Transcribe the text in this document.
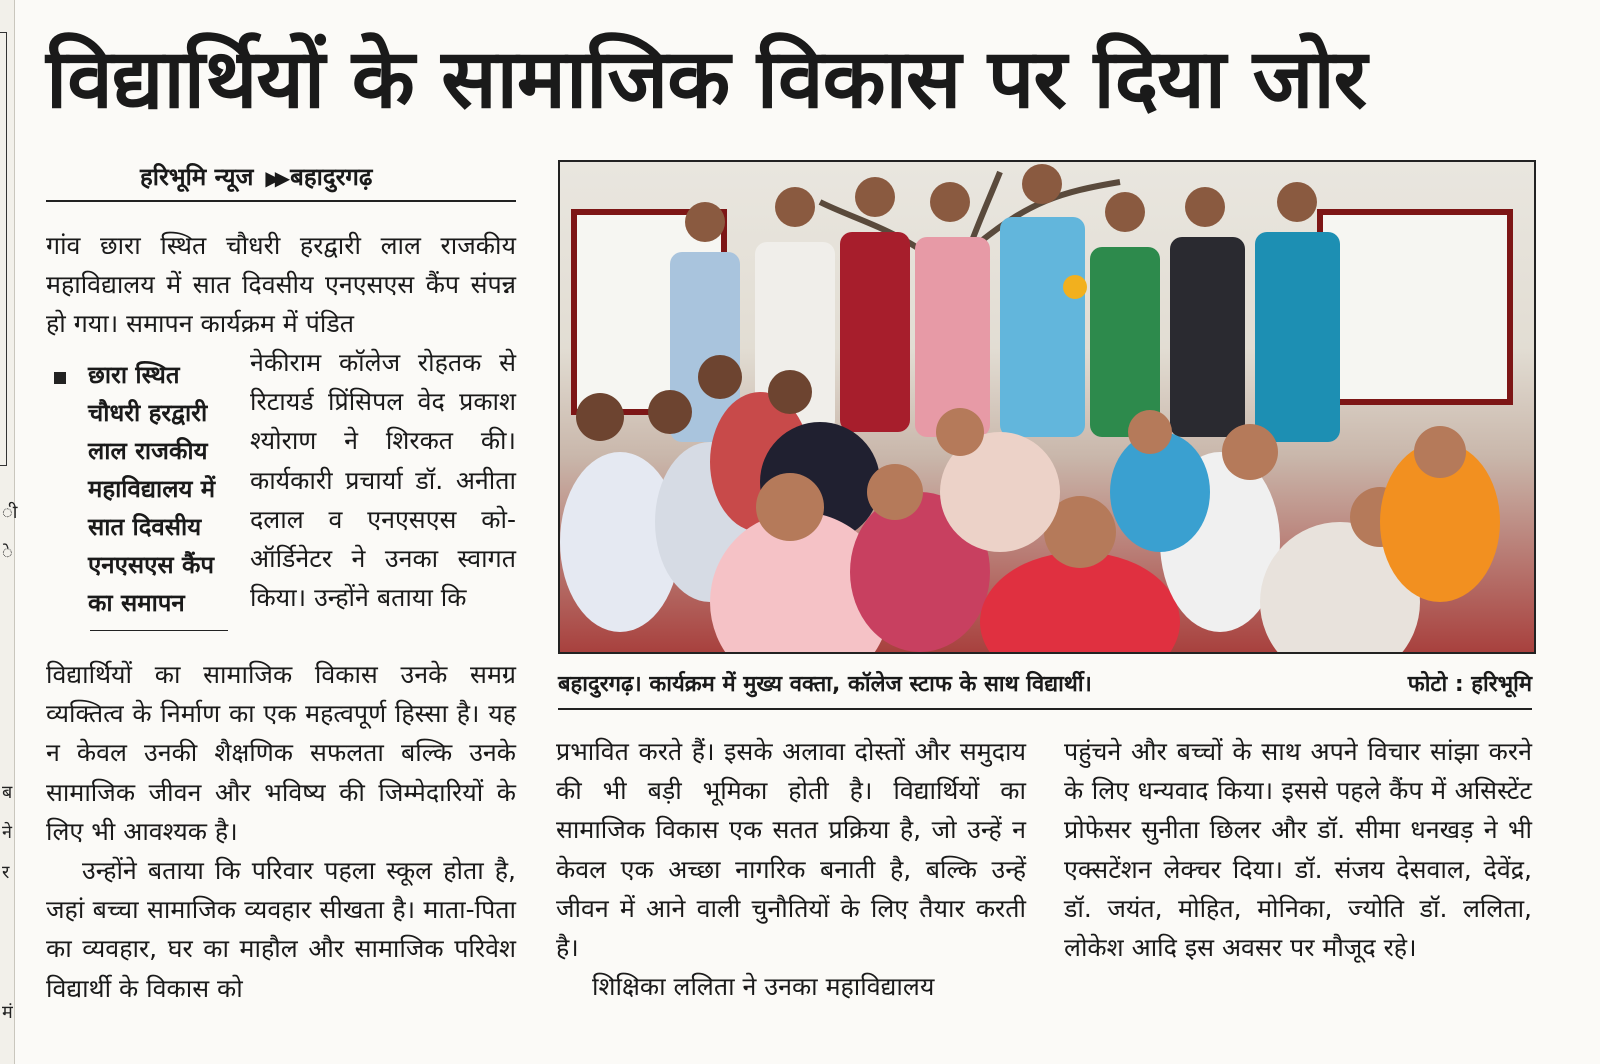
ी
े
ब
ने
र
मं
विद्यार्थियों के सामाजिक विकास पर दिया जोर
हरिभूमि न्यूज ▶▶ बहादुरगढ़

गांव छारा स्थित चौधरी हरद्वारी लाल राजकीय महाविद्यालय में सात दिवसीय एनएसएस कैंप संपन्न हो गया। समापन कार्यक्रम में पंडित

छारा स्थित चौधरी हरद्वारी लाल राजकीय महाविद्यालय में सात दिवसीय एनएसएस कैंप का समापन

नेकीराम कॉलेज रोहतक से रिटायर्ड प्रिंसिपल वेद प्रकाश श्योराण ने शिरकत की। कार्यकारी प्रचार्या डॉ. अनीता दलाल व एनएसएस को-ऑर्डिनेटर ने उनका स्वागत किया। उन्होंने बताया कि

विद्यार्थियों का सामाजिक विकास उनके समग्र व्यक्तित्व के निर्माण का एक महत्वपूर्ण हिस्सा है। यह न केवल उनकी शैक्षणिक सफलता बल्कि उनके सामाजिक जीवन और भविष्य की जिम्मेदारियों के लिए भी आवश्यक है।

उन्होंने बताया कि परिवार पहला स्कूल होता है, जहां बच्चा सामाजिक व्यवहार सीखता है। माता-पिता का व्यवहार, घर का माहौल और सामाजिक परिवेश विद्यार्थी के विकास को

बहादुरगढ़। कार्यक्रम में मुख्य वक्ता, कॉलेज स्टाफ के साथ विद्यार्थी।	फोटो : हरिभूमि

प्रभावित करते हैं। इसके अलावा दोस्तों और समुदाय की भी बड़ी भूमिका होती है। विद्यार्थियों का सामाजिक विकास एक सतत प्रक्रिया है, जो उन्हें न केवल एक अच्छा नागरिक बनाती है, बल्कि उन्हें जीवन में आने वाली चुनौतियों के लिए तैयार करती है।

शिक्षिका ललिता ने उनका महाविद्यालय

पहुंचने और बच्चों के साथ अपने विचार सांझा करने के लिए धन्यवाद किया। इससे पहले कैंप में असिस्टेंट प्रोफेसर सुनीता छिलर और डॉ. सीमा धनखड़ ने भी एक्सटेंशन लेक्चर दिया। डॉ. संजय देसवाल, देवेंद्र, डॉ. जयंत, मोहित, मोनिका, ज्योति डॉ. ललिता, लोकेश आदि इस अवसर पर मौजूद रहे।
